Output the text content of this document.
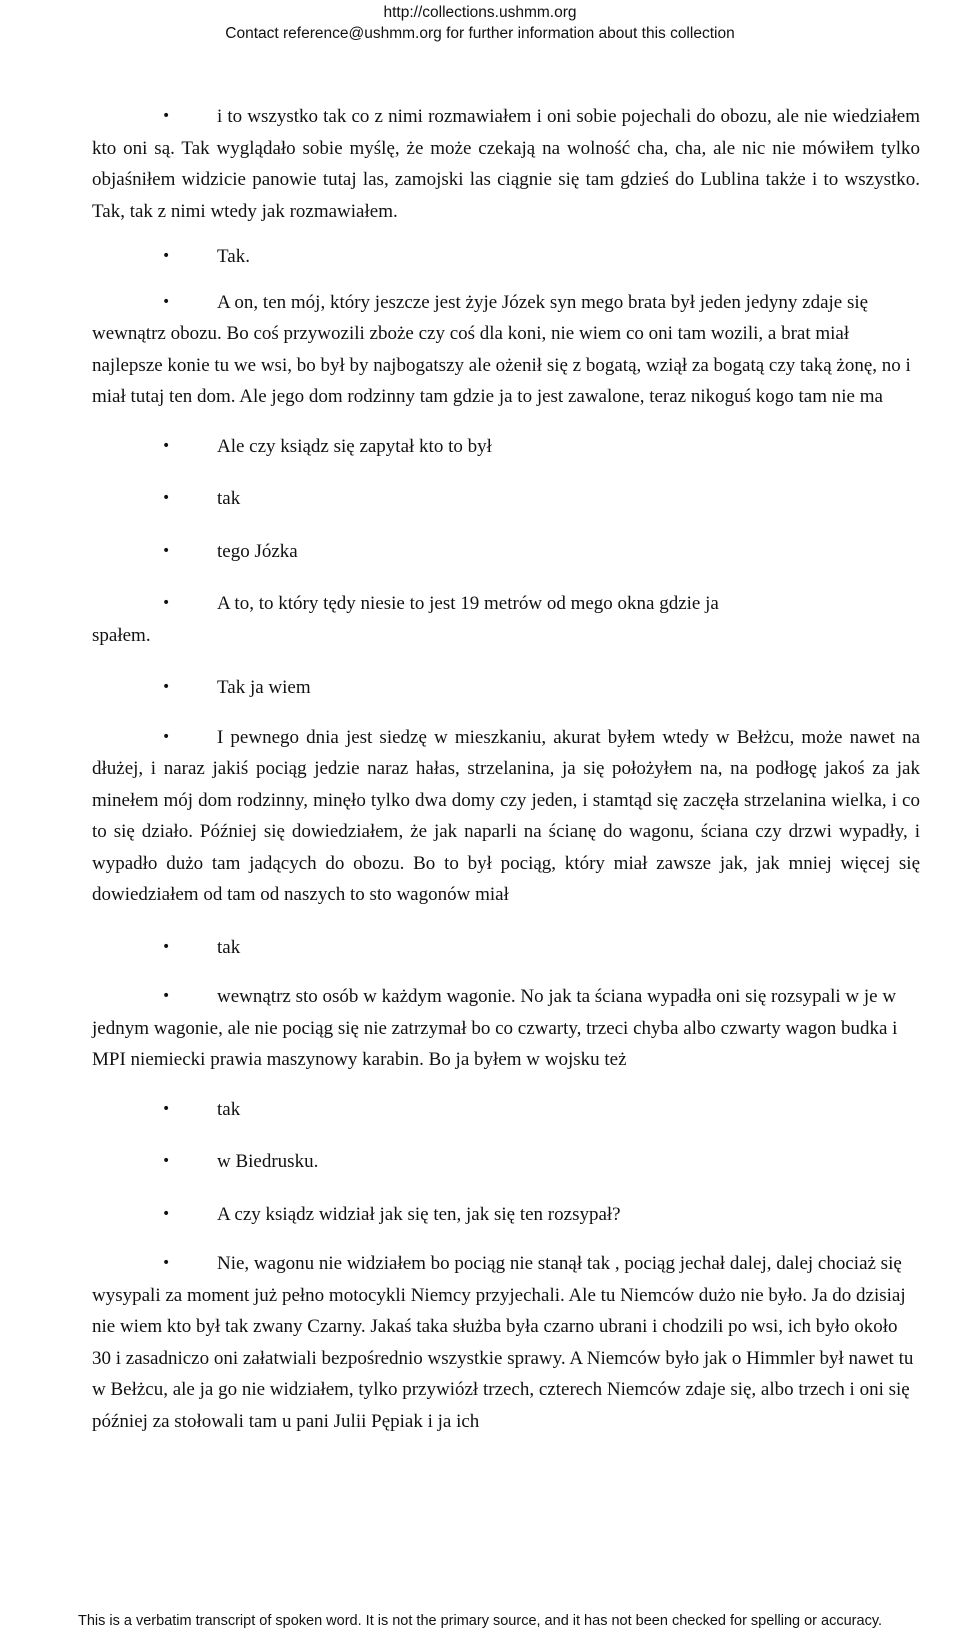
http://collections.ushmm.org
Contact reference@ushmm.org for further information about this collection

• i to wszystko tak co z nimi rozmawiałem i oni sobie pojechali do obozu, ale nie wiedziałem kto oni są. Tak wyglądało sobie myślę, że może czekają na wolność cha, cha, ale nic nie mówiłem tylko objaśniłem widzicie panowie tutaj las, zamojski las ciągnie się tam gdzieś do Lublina także i to wszystko. Tak, tak z nimi wtedy jak rozmawiałem.

• Tak.

• A on, ten mój, który jeszcze jest żyje Józek syn mego brata był jeden jedyny zdaje się wewnątrz obozu. Bo coś przywozili zboże czy coś dla koni, nie wiem co oni tam wozili, a brat miał najlepsze konie tu we wsi, bo był by najbogatszy ale ożenił się z bogatą, wziął za bogatą czy taką żonę, no i miał tutaj ten dom. Ale jego dom rodzinny tam gdzie ja to jest zawalone, teraz nikoguś kogo tam nie ma

• Ale czy ksiądz się zapytał kto to był

• tak

• tego Józka

• A to, to który tędy niesie to jest 19 metrów od mego okna gdzie ja

spałem.

• Tak ja wiem

• I pewnego dnia jest siedzę w mieszkaniu, akurat byłem wtedy w Bełżcu, może nawet na dłużej, i naraz jakiś pociąg jedzie naraz hałas, strzelanina, ja się położyłem na, na podłogę jakoś za jak minełem mój dom rodzinny, minęło tylko dwa domy czy jeden, i stamtąd się zaczęła strzelanina wielka, i co to się działo. Później się dowiedziałem, że jak naparli na ścianę do wagonu, ściana czy drzwi wypadły, i wypadło dużo tam jadących do obozu. Bo to był pociąg, który miał zawsze jak, jak mniej więcej się dowiedziałem od tam od naszych to sto wagonów miał

• tak

• wewnątrz sto osób w każdym wagonie. No jak ta ściana wypadła oni się rozsypali w je w jednym wagonie, ale nie pociąg się nie zatrzymał bo co czwarty, trzeci chyba albo czwarty wagon budka i MPI niemiecki prawia maszynowy karabin. Bo ja byłem w wojsku też

• tak

• w Biedrusku.

• A czy ksiądz widział jak się ten, jak się ten rozsypał?

• Nie, wagonu nie widziałem bo pociąg nie stanął tak , pociąg jechał dalej, dalej chociaż się wysypali za moment już pełno motocykli Niemcy przyjechali. Ale tu Niemców dużo nie było. Ja do dzisiaj nie wiem kto był tak zwany Czarny. Jakaś taka służba była czarno ubrani i chodzili po wsi, ich było około 30 i zasadniczo oni załatwiali bezpośrednio wszystkie sprawy. A Niemców było jak o Himmler był nawet tu w Bełżcu, ale ja go nie widziałem, tylko przywiózł trzech, czterech Niemców zdaje się, albo trzech i oni się później za stołowali tam u pani Julii Pępiak i ja ich

This is a verbatim transcript of spoken word. It is not the primary source, and it has not been checked for spelling or accuracy.
